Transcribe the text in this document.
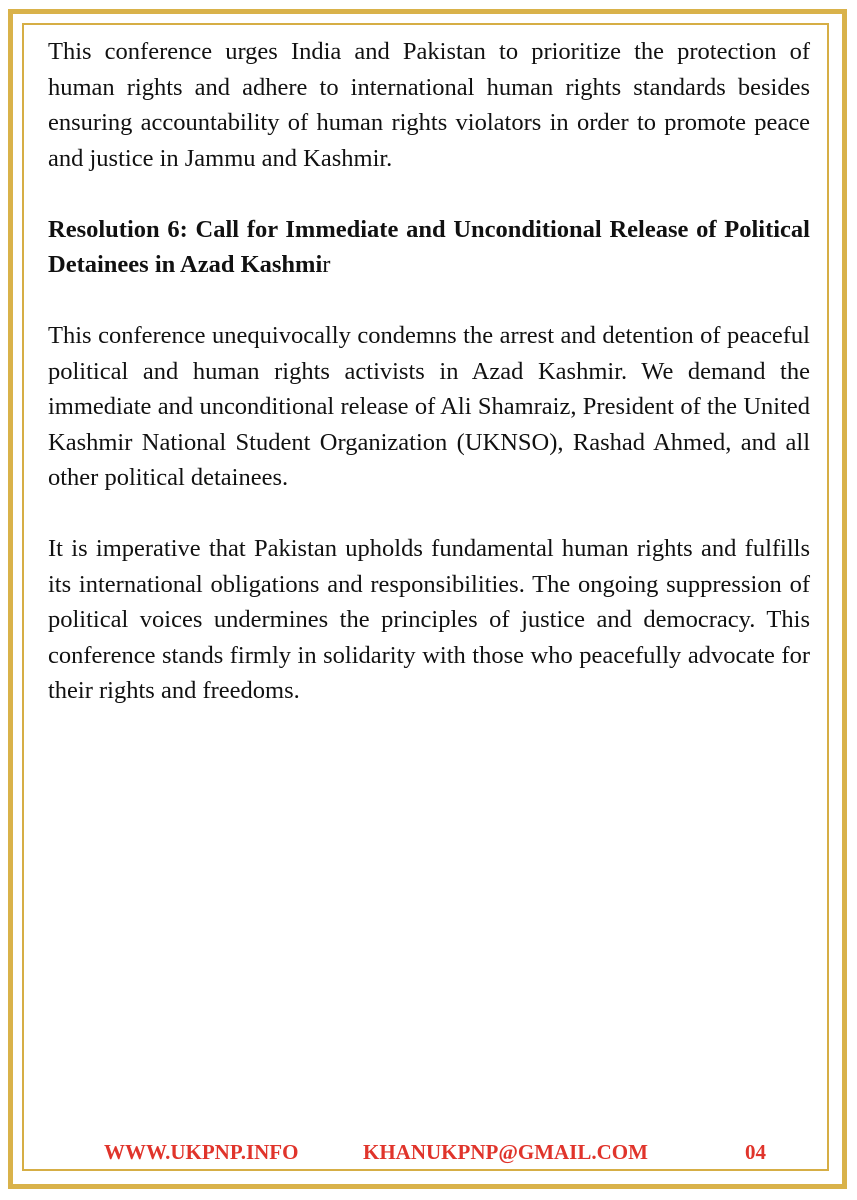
This conference urges India and Pakistan to prioritize the protection of human rights and adhere to international human rights standards besides ensuring accountability of human rights violators in order to promote peace and justice in Jammu and Kashmir.

Resolution 6: Call for Immediate and Unconditional Release of Political Detainees in Azad Kashmir

This conference unequivocally condemns the arrest and detention of peaceful political and human rights activists in Azad Kashmir. We demand the immediate and unconditional release of Ali Shamraiz, President of the United Kashmir National Student Organization (UKNSO), Rashad Ahmed, and all other political detainees.

It is imperative that Pakistan upholds fundamental human rights and fulfills its international obligations and responsibilities. The ongoing suppression of political voices undermines the principles of justice and democracy. This conference stands firmly in solidarity with those who peacefully advocate for their rights and freedoms.

WWW.UKPNP.INFO	KHANUKPNP@GMAIL.COM	04
